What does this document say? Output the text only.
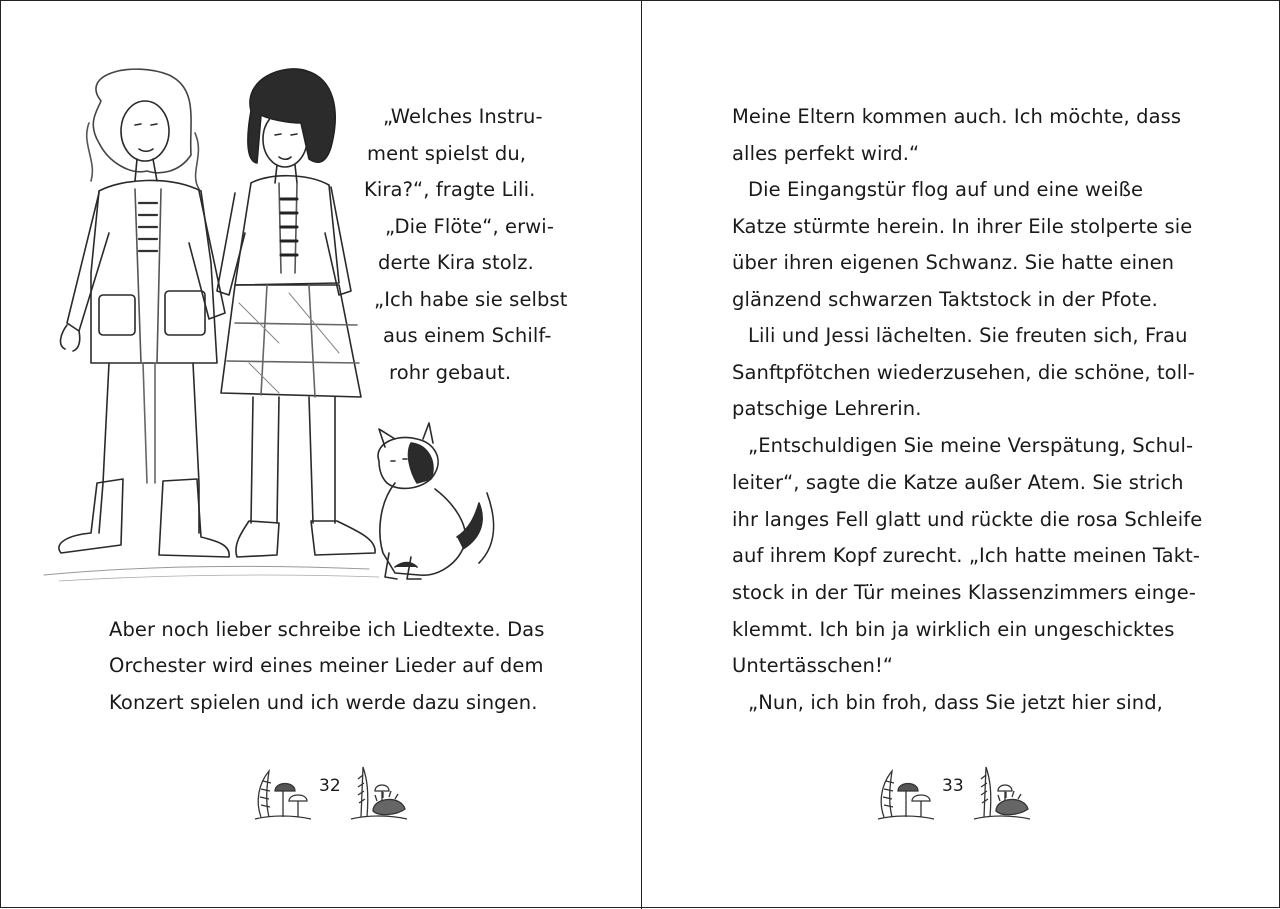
„Welches Instru-
ment spielst du,
Kira?“, fragte Lili.
„Die Flöte“, erwi-
derte Kira stolz.
„Ich habe sie selbst
aus einem Schilf-
rohr gebaut.
Aber noch lieber schreibe ich Liedtexte. Das
Orchester wird eines meiner Lieder auf dem
Konzert spielen und ich werde dazu singen.
32
Meine Eltern kommen auch. Ich möchte, dass
alles perfekt wird.“
Die Eingangstür flog auf und eine weiße
Katze stürmte herein. In ihrer Eile stolperte sie
über ihren eigenen Schwanz. Sie hatte einen
glänzend schwarzen Taktstock in der Pfote.
Lili und Jessi lächelten. Sie freuten sich, Frau
Sanftpfötchen wiederzusehen, die schöne, toll-
patschige Lehrerin.
„Entschuldigen Sie meine Verspätung, Schul-
leiter“, sagte die Katze außer Atem. Sie strich
ihr langes Fell glatt und rückte die rosa Schleife
auf ihrem Kopf zurecht. „Ich hatte meinen Takt-
stock in der Tür meines Klassenzimmers einge-
klemmt. Ich bin ja wirklich ein ungeschicktes
Untertässchen!“
„Nun, ich bin froh, dass Sie jetzt hier sind,
33
